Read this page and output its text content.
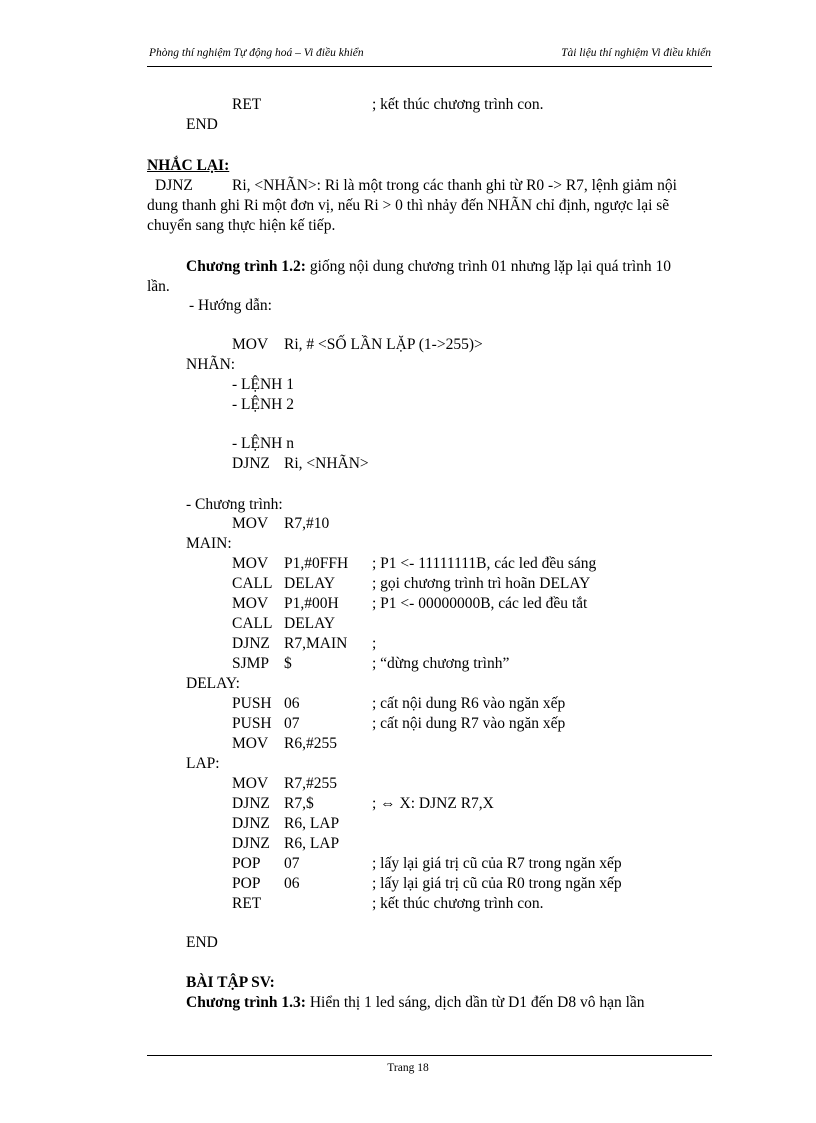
Phòng thí nghiệm Tự động hoá – Vi điều khiển	Tài liệu thí nghiệm Vi điều khiển
RET	; kết thúc chương trình con.
END
NHẮC LẠI:
DJNZ	Ri, <NHÃN>: Ri là một trong các thanh ghi từ R0 -> R7, lệnh giảm nội
dung thanh ghi Ri một đơn vị, nếu Ri > 0 thì nhảy đến NHÃN chỉ định, ngược lại sẽ
chuyển sang thực hiện kế tiếp.
Chương trình 1.2: giống nội dung chương trình 01 nhưng lặp lại quá trình 10
lần.
- Hướng dẫn:
MOV Ri, # <SỐ LẦN LẶP (1->255)>
NHÃN:
- LỆNH 1
- LỆNH 2
- LỆNH n
DJNZ Ri, <NHÃN>
- Chương trình:
MOV R7,#10
MAIN:
MOV P1,#0FFH ; P1 <- 11111111B, các led đều sáng
CALL DELAY ; gọi chương trình trì hoãn DELAY
MOV P1,#00H ; P1 <- 00000000B, các led đều tắt
CALL DELAY
DJNZ R7,MAIN ;
SJMP $	; “dừng chương trình”
DELAY:
PUSH 06	; cất nội dung R6 vào ngăn xếp
PUSH 07	; cất nội dung R7 vào ngăn xếp
MOV R6,#255
LAP:
MOV R7,#255
DJNZ R7,$	; ⇔ X: DJNZ R7,X
DJNZ R6, LAP
DJNZ R6, LAP
POP 07	; lấy lại giá trị cũ của R7 trong ngăn xếp
POP 06	; lấy lại giá trị cũ của R0 trong ngăn xếp
RET	; kết thúc chương trình con.
END
BÀI TẬP SV:
Chương trình 1.3: Hiển thị 1 led sáng, dịch dần từ D1 đến D8 vô hạn lần
Trang 18
